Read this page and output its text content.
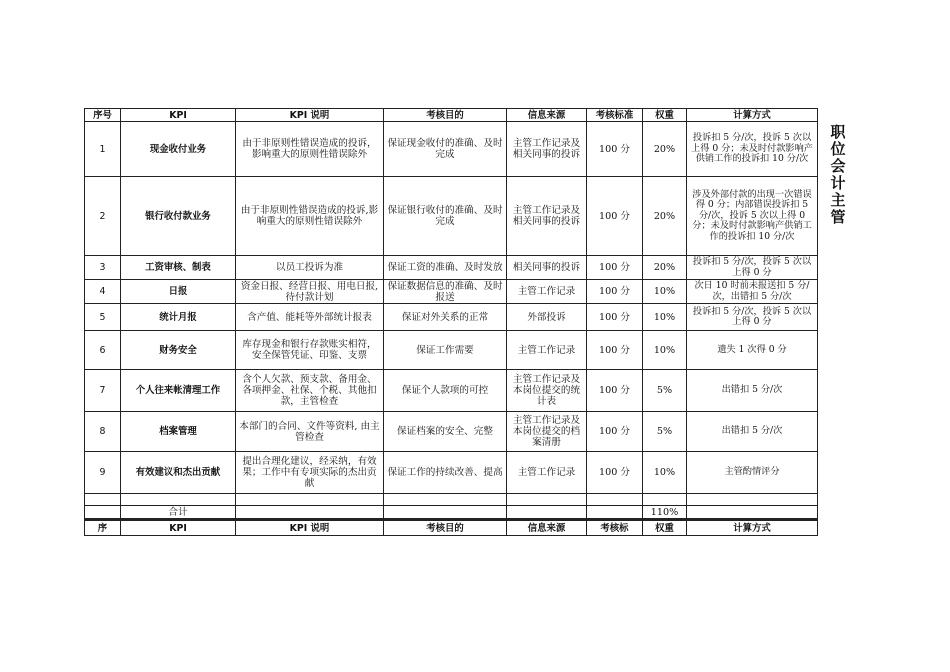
序号	KPI	KPI 说明	考核目的	信息来源	考核标准	权重	计算方式
1	现金收付业务	由于非原则性错误造成的投诉，影响重大的原则性错误除外	保证现金收付的准确、及时完成	主管工作记录及相关同事的投诉	100 分	20%	投诉扣 5 分/次，投诉 5 次以上得 0 分；未及时付款影响产供销工作的投诉扣 10 分/次
2	银行收付款业务	由于非原则性错误造成的投诉,影响重大的原则性错误除外	保证银行收付的准确、及时完成	主管工作记录及相关同事的投诉	100 分	20%	涉及外部付款的出现一次错误得 0 分；内部错误投诉扣 5 分/次，投诉 5 次以上得 0 分；未及时付款影响产供销工作的投诉扣 10 分/次
3	工资审核、制表	以员工投诉为准	保证工资的准确、及时发放	相关同事的投诉	100 分	20%	投诉扣 5 分/次，投诉 5 次以上得 0 分
4	日报	资金日报、经营日报、用电日报,待付款计划	保证数据信息的准确、及时报送	主管工作记录	100 分	10%	次日 10 时前未报送扣 5 分/次，出错扣 5 分/次
5	统计月报	含产值、能耗等外部统计报表	保证对外关系的正常	外部投诉	100 分	10%	投诉扣 5 分/次，投诉 5 次以上得 0 分
6	财务安全	库存现金和银行存款账实相符，安全保管凭证、印鉴、支票	保证工作需要	主管工作记录	100 分	10%	遗失 1 次得 0 分
7	个人往来帐清理工作	含个人欠款、预支款、备用金、各项押金、社保、个税、其他扣款，主管检查	保证个人款项的可控	主管工作记录及本岗位提交的统计表	100 分	5%	出错扣 5 分/次
8	档案管理	本部门的合同、文件等资料, 由主管检查	保证档案的安全、完整	主管工作记录及本岗位提交的档案清册	100 分	5%	出错扣 5 分/次
9	有效建议和杰出贡献	提出合理化建议，经采纳，有效果；工作中有专项实际的杰出贡献	保证工作的持续改善、提高	主管工作记录	100 分	10%	主管酌情评分

	合计					110%	
序	KPI	KPI 说明	考核目的	信息来源	考核标	权重	计算方式
职位会计主管
